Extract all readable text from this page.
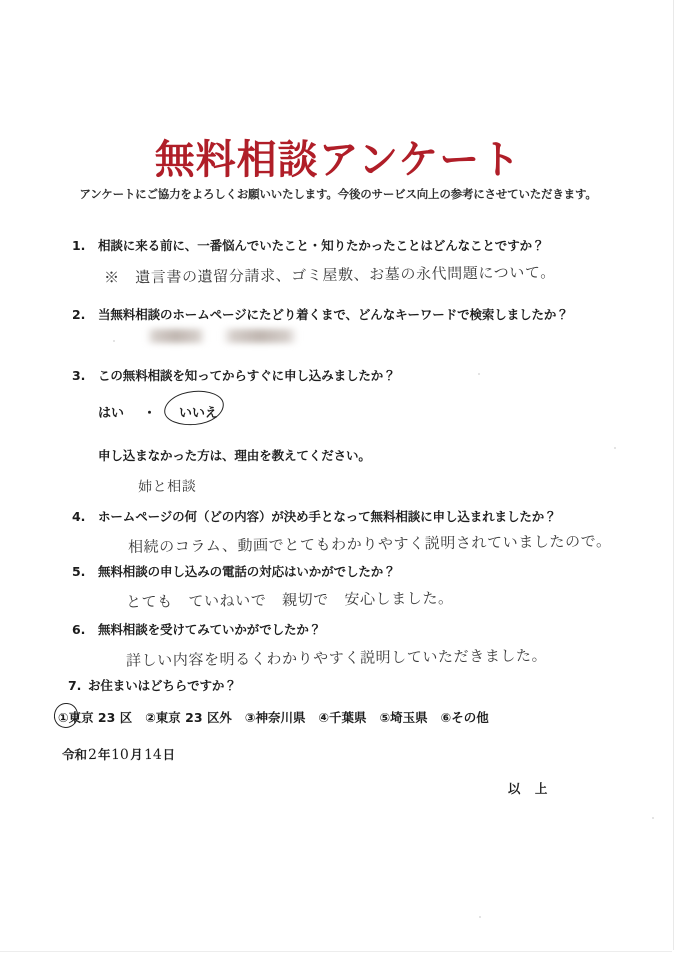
無料相談アンケート
アンケートにご協力をよろしくお願いいたします。今後のサービス向上の参考にさせていただきます。
1.	相談に来る前に、一番悩んでいたこと・知りたかったことはどんなことですか？
※　遺言書の遺留分請求、ゴミ屋敷、お墓の永代問題について。
2.	当無料相談のホームページにたどり着くまで、どんなキーワードで検索しましたか？
3.	この無料相談を知ってからすぐに申し込みましたか？
はい ・	いいえ
申し込まなかった方は、理由を教えてください。
姉と相談
4.	ホームページの何（どの内容）が決め手となって無料相談に申し込まれましたか？
相続のコラム、動画でとてもわかりやすく説明されていましたので。
5.	無料相談の申し込みの電話の対応はいかがでしたか？
とても　ていねいで　親切で　安心しました。
6.	無料相談を受けてみていかがでしたか？
詳しい内容を明るくわかりやすく説明していただきました。
7. お住まいはどちらですか？
①東京 23 区 ②東京 23 区外 ③神奈川県 ④千葉県 ⑤埼玉県 ⑥その他
令和 2 年 10 月 14 日
以 上
